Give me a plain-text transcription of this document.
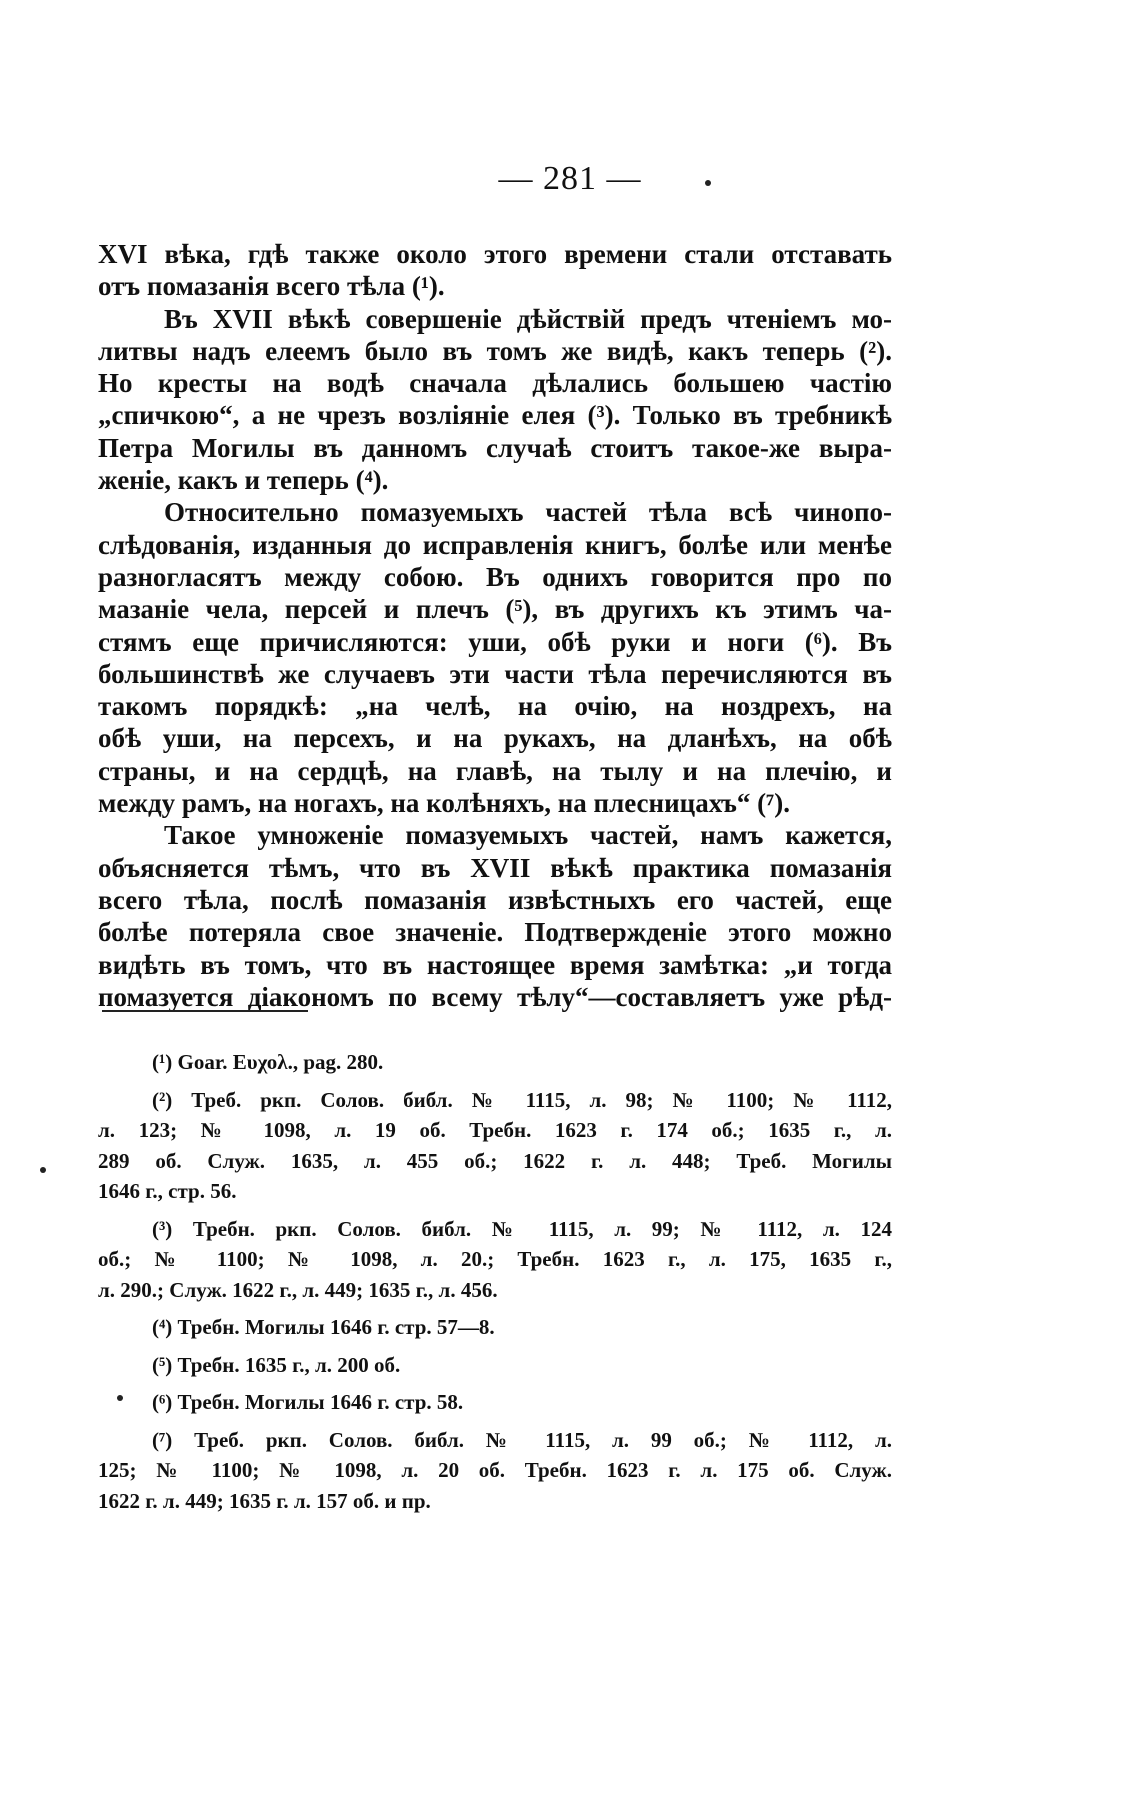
— 281 —
XVI вѣка, гдѣ также около этого времени стали отставать
отъ помазанія всего тѣла (¹).
Въ XVII вѣкѣ совершеніе дѣйствій предъ чтеніемъ мо-
литвы надъ елеемъ было въ томъ же видѣ, какъ теперь (²).
Но кресты на водѣ сначала дѣлались большею частію
„спичкою“, а не чрезъ возліяніе елея (³). Только въ требникѣ
Петра Могилы въ данномъ случаѣ стоитъ такое-же выра-
женіе, какъ и теперь (⁴).
Относительно помазуемыхъ частей тѣла всѣ чинопо-
слѣдованія, изданныя до исправленія книгъ, болѣе или менѣе
разногласятъ между собою. Въ однихъ говорится про по
мазаніе чела, персей и плечъ (⁵), въ другихъ къ этимъ ча-
стямъ еще причисляются: уши, обѣ руки и ноги (⁶). Въ
большинствѣ же случаевъ эти части тѣла перечисляются въ
такомъ порядкѣ: „на челѣ, на очію, на ноздрехъ, на
обѣ уши, на персехъ, и на рукахъ, на дланѣхъ, на обѣ
страны, и на сердцѣ, на главѣ, на тылу и на плечію, и
между рамъ, на ногахъ, на колѣняхъ, на плесницахъ“ (⁷).
Такое умноженіе помазуемыхъ частей, намъ кажется,
объясняется тѣмъ, что въ XVII вѣкѣ практика помазанія
всего тѣла, послѣ помазанія извѣстныхъ его частей, еще
болѣе потеряла свое значеніе. Подтвержденіе этого можно
видѣть въ томъ, что въ настоящее время замѣтка: „и тогда
помазуется діакономъ по всему тѣлу“—составляетъ уже рѣд-
(¹) Goar. Ευχολ., pag. 280.
(²) Треб. ркп. Солов. библ. № 1115, л. 98; № 1100; № 1112,
л. 123; № 1098, л. 19 об. Требн. 1623 г. 174 об.; 1635 г., л.
289 об. Служ. 1635, л. 455 об.; 1622 г. л. 448; Треб. Могилы
1646 г., стр. 56.
(³) Требн. ркп. Солов. библ. № 1115, л. 99; № 1112, л. 124
об.; № 1100; № 1098, л. 20.; Требн. 1623 г., л. 175, 1635 г.,
л. 290.; Служ. 1622 г., л. 449; 1635 г., л. 456.
(⁴) Требн. Могилы 1646 г. стр. 57—8.
(⁵) Требн. 1635 г., л. 200 об.
(⁶) Требн. Могилы 1646 г. стр. 58.
(⁷) Треб. ркп. Солов. библ. № 1115, л. 99 об.; № 1112, л.
125; № 1100; № 1098, л. 20 об. Требн. 1623 г. л. 175 об. Служ.
1622 г. л. 449; 1635 г. л. 157 об. и пр.
